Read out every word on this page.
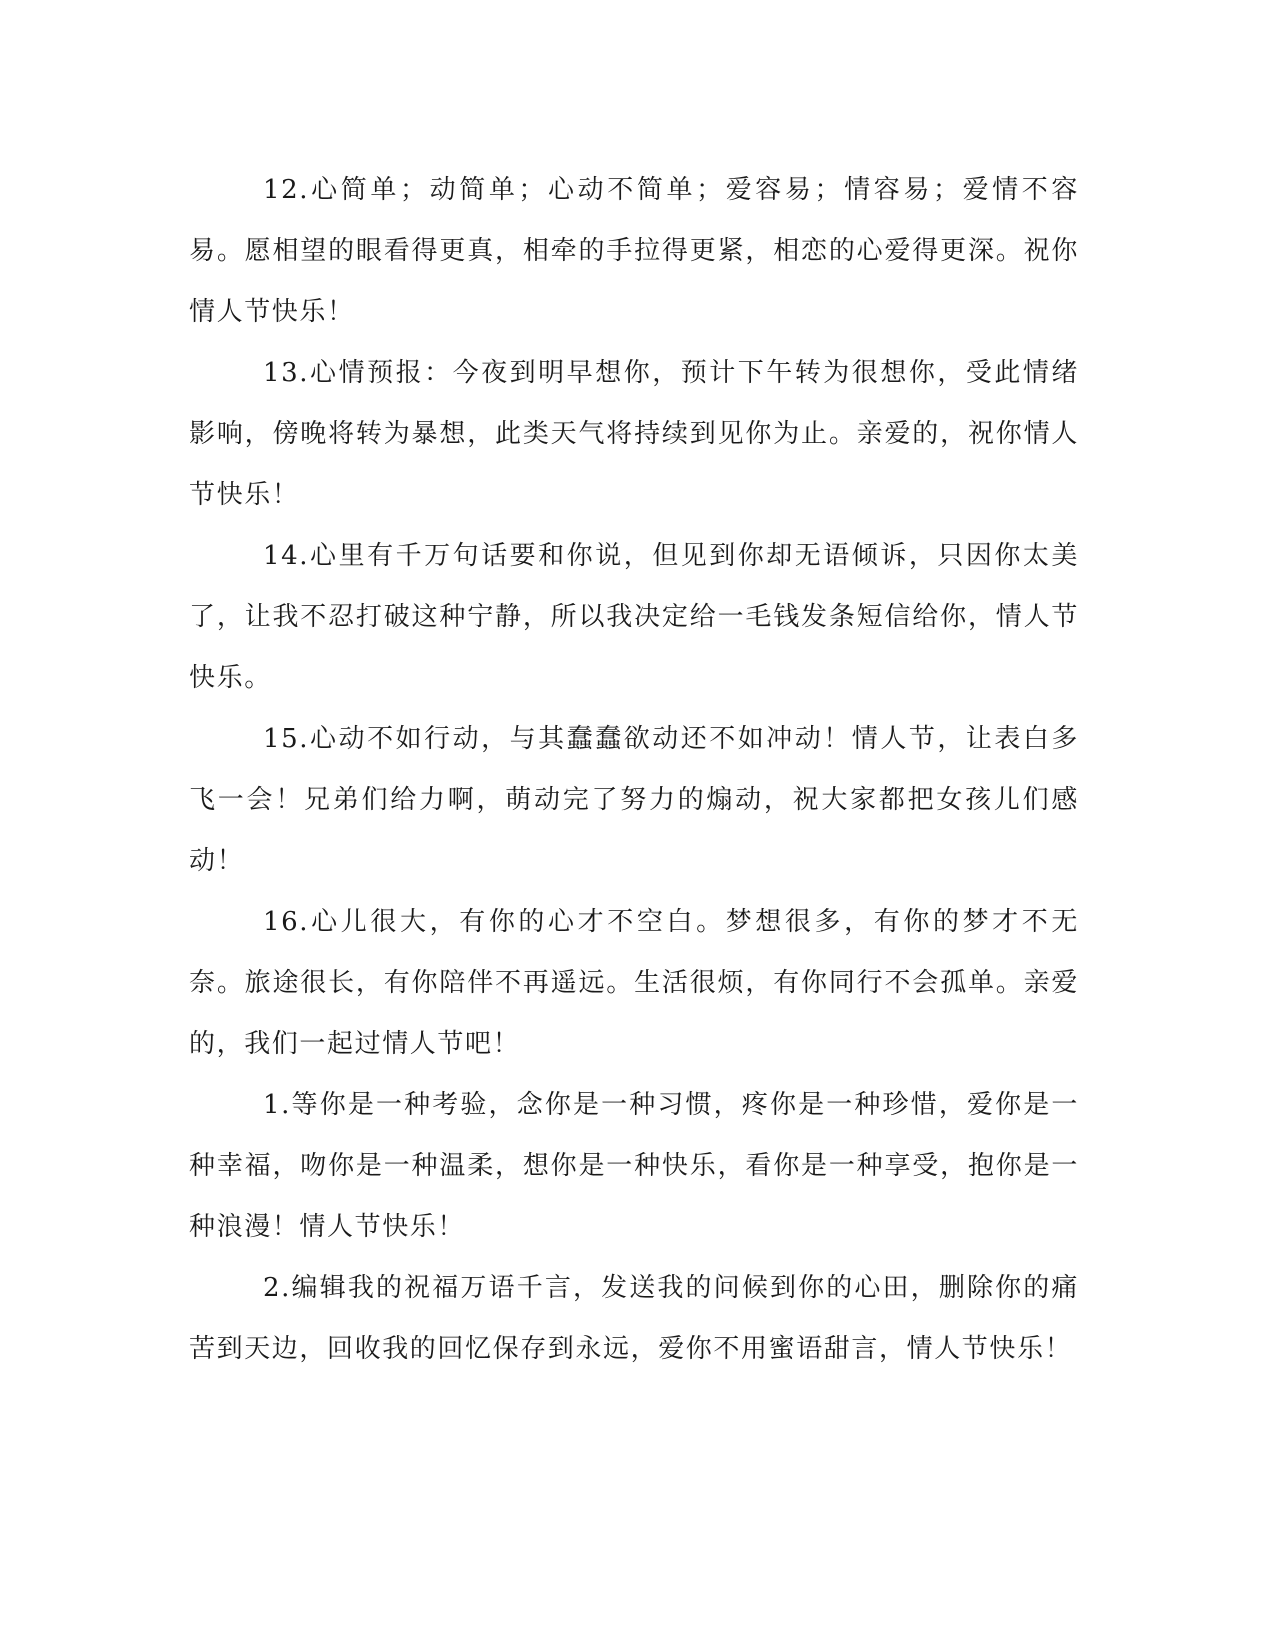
12.心简单；动简单；心动不简单；爱容易；情容易；爱情不容易。愿相望的眼看得更真，相牵的手拉得更紧，相恋的心爱得更深。祝你情人节快乐！

13.心情预报：今夜到明早想你，预计下午转为很想你，受此情绪影响，傍晚将转为暴想，此类天气将持续到见你为止。亲爱的，祝你情人节快乐！

14.心里有千万句话要和你说，但见到你却无语倾诉，只因你太美了，让我不忍打破这种宁静，所以我决定给一毛钱发条短信给你，情人节快乐。

15.心动不如行动，与其蠢蠢欲动还不如冲动！情人节，让表白多飞一会！兄弟们给力啊，萌动完了努力的煽动，祝大家都把女孩儿们感动！

16.心儿很大，有你的心才不空白。梦想很多，有你的梦才不无奈。旅途很长，有你陪伴不再遥远。生活很烦，有你同行不会孤单。亲爱的，我们一起过情人节吧！

1.等你是一种考验，念你是一种习惯，疼你是一种珍惜，爱你是一种幸福，吻你是一种温柔，想你是一种快乐，看你是一种享受，抱你是一种浪漫！情人节快乐！

2.编辑我的祝福万语千言，发送我的问候到你的心田，删除你的痛苦到天边，回收我的回忆保存到永远，爱你不用蜜语甜言，情人节快乐！
